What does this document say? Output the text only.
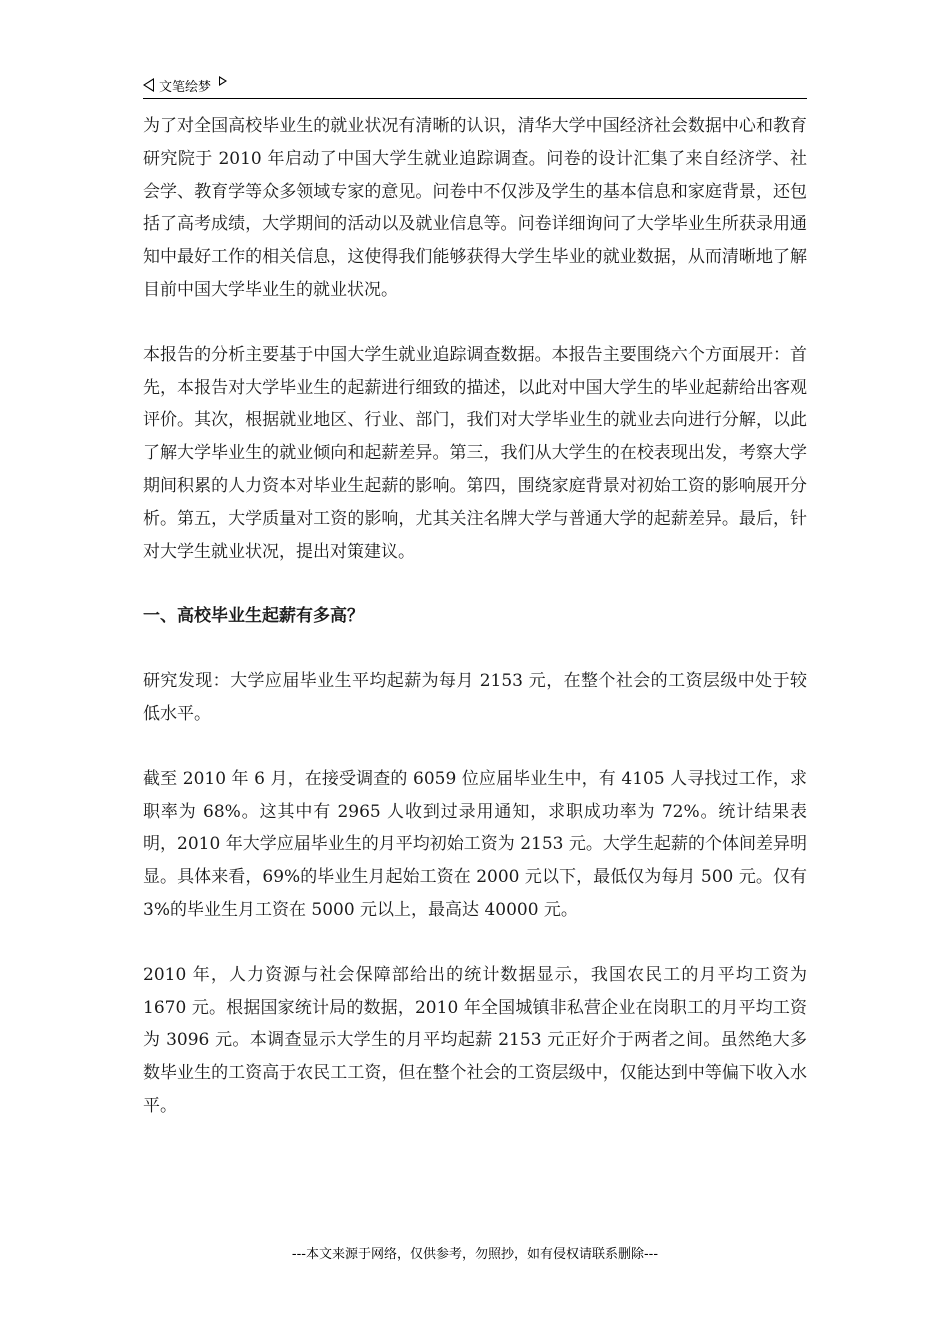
文笔绘梦

为了对全国高校毕业生的就业状况有清晰的认识，清华大学中国经济社会数据中心和教育研究院于 2010 年启动了中国大学生就业追踪调查。问卷的设计汇集了来自经济学、社会学、教育学等众多领域专家的意见。问卷中不仅涉及学生的基本信息和家庭背景，还包括了高考成绩，大学期间的活动以及就业信息等。问卷详细询问了大学毕业生所获录用通知中最好工作的相关信息，这使得我们能够获得大学生毕业的就业数据，从而清晰地了解目前中国大学毕业生的就业状况。

本报告的分析主要基于中国大学生就业追踪调查数据。本报告主要围绕六个方面展开：首先，本报告对大学毕业生的起薪进行细致的描述，以此对中国大学生的毕业起薪给出客观评价。其次，根据就业地区、行业、部门，我们对大学毕业生的就业去向进行分解，以此了解大学毕业生的就业倾向和起薪差异。第三，我们从大学生的在校表现出发，考察大学期间积累的人力资本对毕业生起薪的影响。第四，围绕家庭背景对初始工资的影响展开分析。第五，大学质量对工资的影响，尤其关注名牌大学与普通大学的起薪差异。最后，针对大学生就业状况，提出对策建议。

一、高校毕业生起薪有多高？

研究发现：大学应届毕业生平均起薪为每月 2153 元，在整个社会的工资层级中处于较低水平。

截至 2010 年 6 月，在接受调查的 6059 位应届毕业生中，有 4105 人寻找过工作，求职率为 68%。这其中有 2965 人收到过录用通知，求职成功率为 72%。统计结果表明，2010 年大学应届毕业生的月平均初始工资为 2153 元。大学生起薪的个体间差异明显。具体来看，69%的毕业生月起始工资在 2000 元以下，最低仅为每月 500 元。仅有 3%的毕业生月工资在 5000 元以上，最高达 40000 元。

2010 年，人力资源与社会保障部给出的统计数据显示，我国农民工的月平均工资为 1670 元。根据国家统计局的数据，2010 年全国城镇非私营企业在岗职工的月平均工资为 3096 元。本调查显示大学生的月平均起薪 2153 元正好介于两者之间。虽然绝大多数毕业生的工资高于农民工工资，但在整个社会的工资层级中，仅能达到中等偏下收入水平。

---本文来源于网络，仅供参考，勿照抄，如有侵权请联系删除---
